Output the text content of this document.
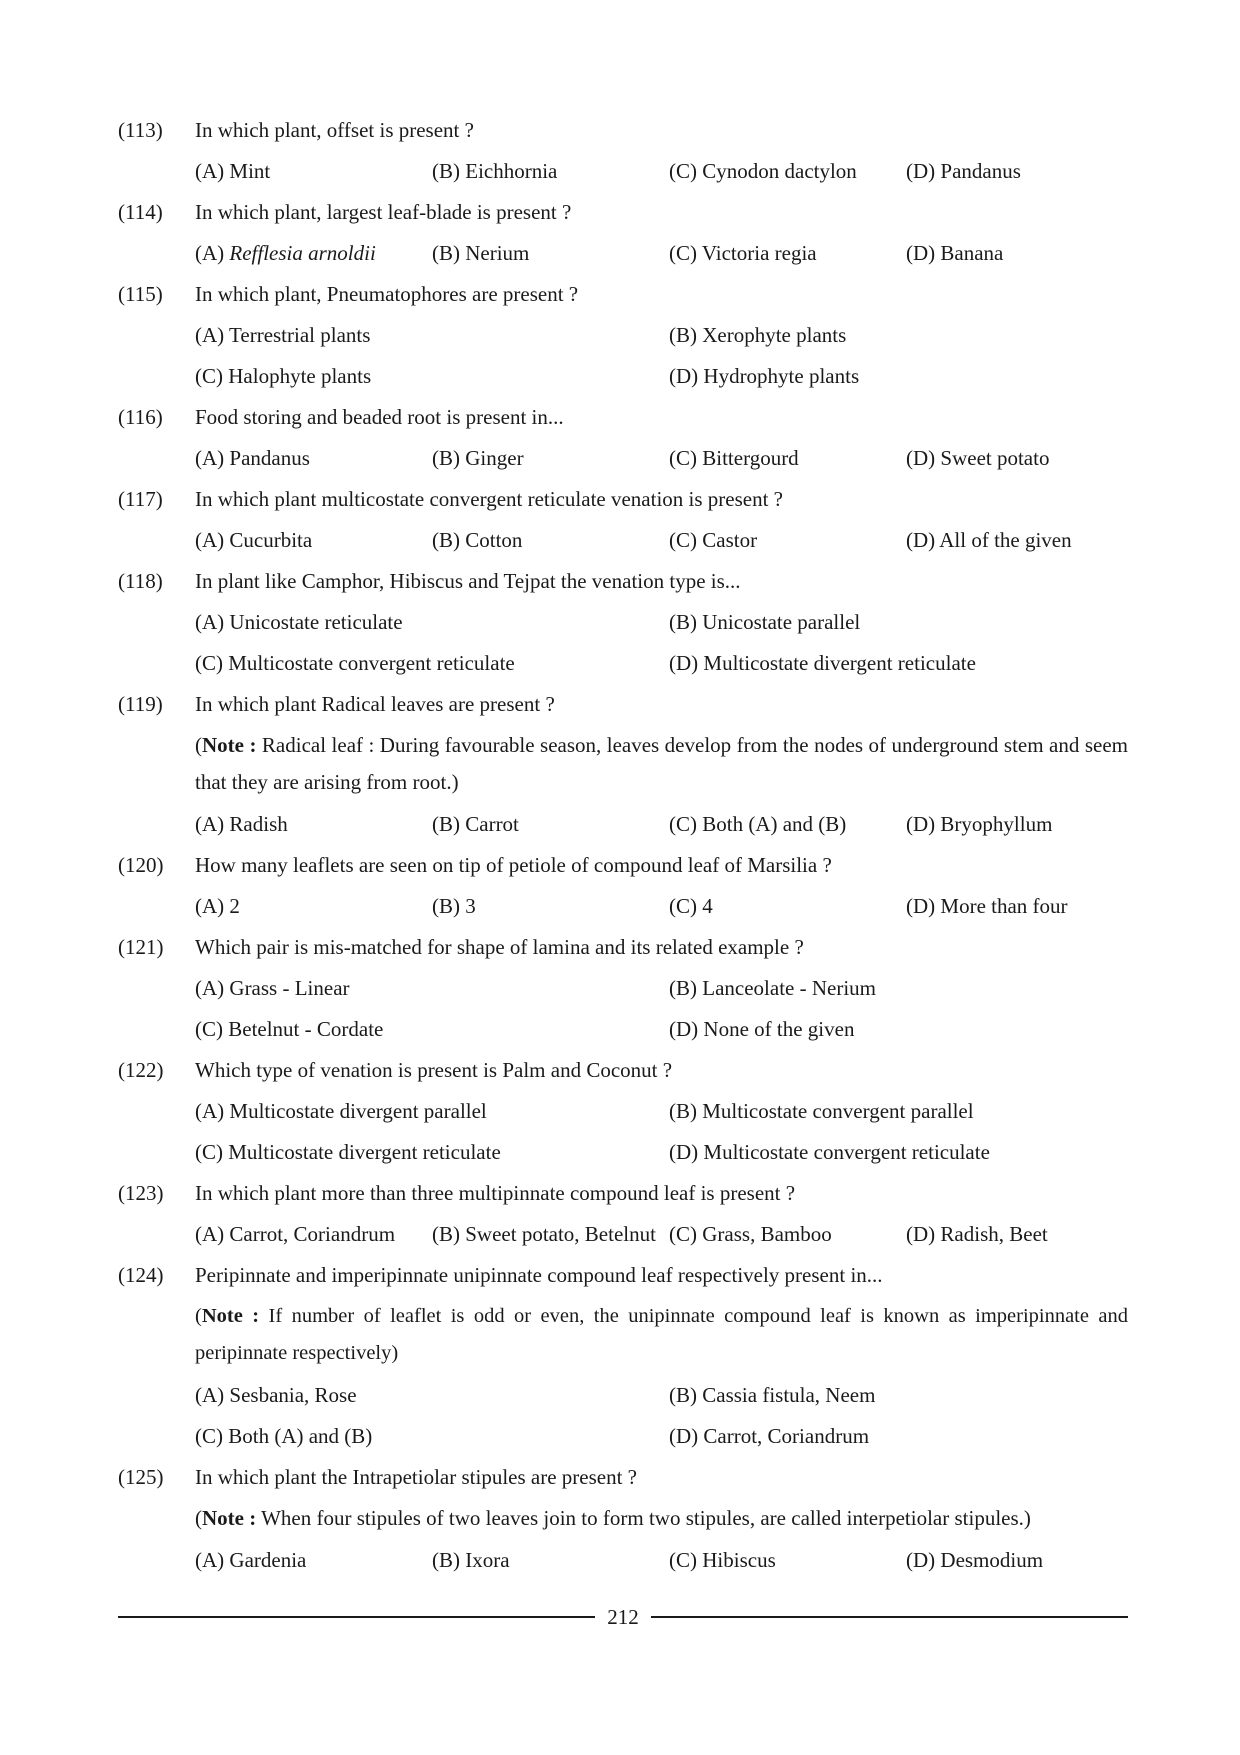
(113)	In which plant, offset is present ?
(A) Mint	(B) Eichhornia	(C) Cynodon dactylon	(D) Pandanus
(114)	In which plant, largest leaf-blade is present ?
(A) Refflesia arnoldii	(B) Nerium	(C) Victoria regia	(D) Banana
(115)	In which plant, Pneumatophores are present ?
(A) Terrestrial plants	(B) Xerophyte plants
(C) Halophyte plants	(D) Hydrophyte plants
(116)	Food storing and beaded root is present in...
(A) Pandanus	(B) Ginger	(C) Bittergourd	(D) Sweet potato
(117)	In which plant multicostate convergent reticulate venation is present ?
(A) Cucurbita	(B) Cotton	(C) Castor	(D) All of the given
(118)	In plant like Camphor, Hibiscus and Tejpat the venation type is...
(A) Unicostate reticulate	(B) Unicostate parallel
(C) Multicostate convergent reticulate	(D) Multicostate divergent reticulate
(119)	In which plant Radical leaves are present ?
(Note : Radical leaf : During favourable season, leaves develop from the nodes of underground stem and seem that they are arising from root.)
(A) Radish	(B) Carrot	(C) Both (A) and (B)	(D) Bryophyllum
(120)	How many leaflets are seen on tip of petiole of compound leaf of Marsilia ?
(A) 2	(B) 3	(C) 4	(D) More than four
(121)	Which pair is mis-matched for shape of lamina and its related example ?
(A) Grass - Linear	(B) Lanceolate - Nerium
(C) Betelnut - Cordate	(D) None of the given
(122)	Which type of venation is present is Palm and Coconut ?
(A) Multicostate divergent parallel	(B) Multicostate convergent parallel
(C) Multicostate divergent reticulate	(D) Multicostate convergent reticulate
(123)	In which plant more than three multipinnate compound leaf is present ?
(A) Carrot, Coriandrum	(B) Sweet potato, Betelnut (C) Grass, Bamboo	(D) Radish, Beet
(124)	Peripinnate and imperipinnate unipinnate compound leaf respectively present in...
(Note : If number of leaflet is odd or even, the unipinnate compound leaf is known as imperipinnate and peripinnate respectively)
(A) Sesbania, Rose	(B) Cassia fistula, Neem
(C) Both (A) and (B)	(D) Carrot, Coriandrum
(125)	In which plant the Intrapetiolar stipules are present ?
(Note : When four stipules of two leaves join to form two stipules, are called interpetiolar stipules.)
(A) Gardenia	(B) Ixora	(C) Hibiscus	(D) Desmodium
212
